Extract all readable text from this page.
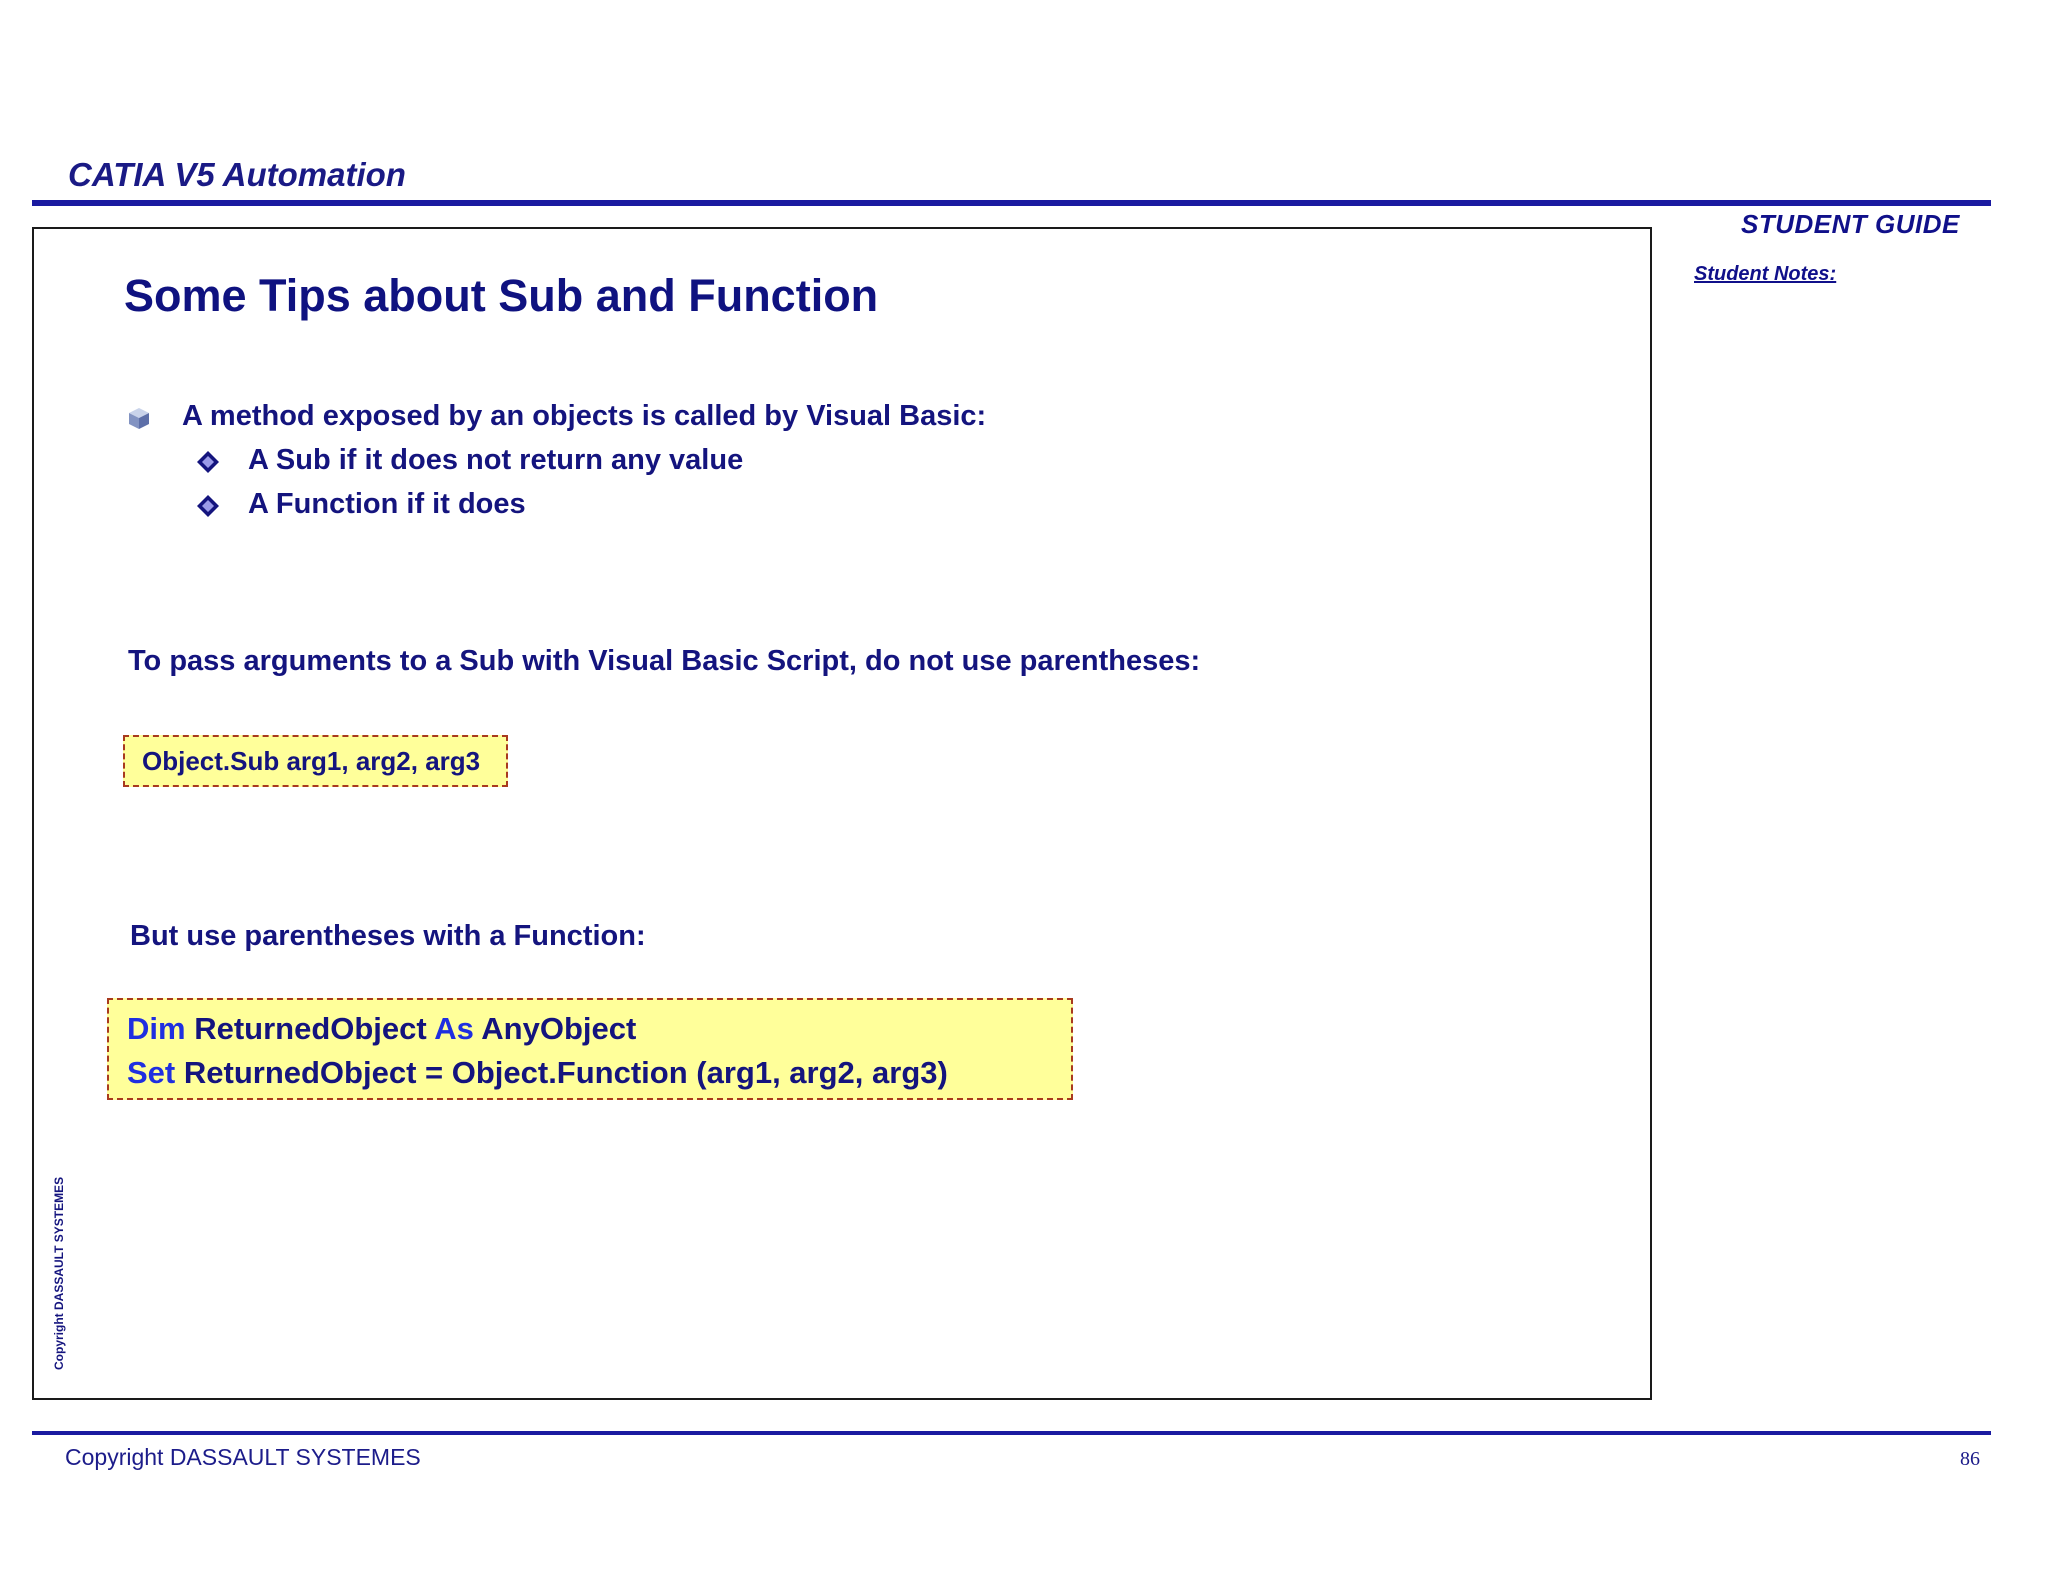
CATIA V5 Automation
STUDENT GUIDE
Student Notes:
Some Tips about Sub and Function
A method exposed by an objects is called by Visual Basic:
A Sub if it does not return any value
A Function if it does
To pass arguments to a Sub with Visual Basic Script, do not use parentheses:
Object.Sub arg1, arg2, arg3
But use parentheses with a Function:
Dim ReturnedObject As AnyObject
Set ReturnedObject = Object.Function (arg1, arg2, arg3)
Copyright DASSAULT SYSTEMES
Copyright DASSAULT SYSTEMES	86
